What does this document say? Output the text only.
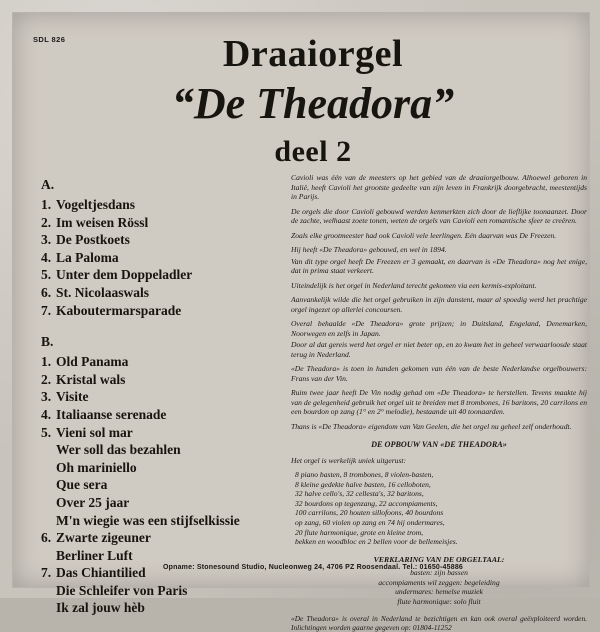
SDL 826	Draaiorgel
“De Theadora”
deel 2
A.
1. Vogeltjesdans
2. Im weisen Rössl
3. De Postkoets
4. La Paloma
5. Unter dem Doppeladler
6. St. Nicolaaswals
7. Kaboutermarsparade
B.
1. Old Panama
2. Kristal wals
3. Visite
4. Italiaanse serenade
5. Vieni sol mar
Wer soll das bezahlen
Oh mariniello
Que sera
Over 25 jaar
M'n wiegie was een stijfselkissie
6. Zwarte zigeuner
Berliner Luft
7. Das Chiantilied
Die Schleifer von Paris
Ik zal jouw hèb

Cavioli was één van de meesters op het gebied van de draaiorgelbouw. Alhoewel geboren in Italië, heeft Cavioli het grootste gedeelte van zijn leven in Frankrijk doorgebracht, meestentijds in Parijs.

De orgels die door Cavioli gebouwd werden kenmerkten zich door de lieflijke toonaanzet. Door de zachte, welhaast zoete tonen, weten de orgels van Cavioli een romantische sfeer te creëren.

Zoals elke grootmeester had ook Cavioli vele leerlingen. Eén daarvan was De Freezen.

Hij heeft «De Theadora» gebouwd, en wel in 1894.

Van dit type orgel heeft De Freezen er 3 gemaakt, en daarvan is «De Theadora» nog het enige, dat in prima staat verkeert.

Uiteindelijk is het orgel in Nederland terecht gekomen via een kermis-exploitant.

Aanvankelijk wilde die het orgel gebruiken in zijn danstent, maar al spoedig werd het prachtige orgel ingezet op allerlei concoursen.

Overal behaalde «De Theadora» grote prijzen; in Duitsland, Engeland, Denemarken, Noorwegen en zelfs in Japan.

Door al dat gereis werd het orgel er niet beter op, en zo kwam het in geheel verwaarloosde staat terug in Nederland.

«De Theadora» is toen in handen gekomen van één van de beste Nederlandse orgelbouwers: Frans van der Vin.

Ruim twee jaar heeft De Vin nodig gehad om «De Theadora» te herstellen. Tevens maakte hij van de gelegenheid gebruik het orgel uit te breiden met 8 trombones, 16 baritons, 20 carrilons en een bourdon op zang (1° en 2° melodie), bestaande uit 40 toonaarden.

Thans is «De Theadora» eigendom van Van Geelen, die het orgel nu geheel zelf onderhoudt.

DE OPBOUW VAN «DE THEADORA»
Het orgel is werkelijk uniek uitgerust:
8 piano basten, 8 trombones, 8 violen-basten,
8 kleine gedekte halve basten, 16 celloboten,
32 halve cello's, 32 cellesta's, 32 baritons,
32 bourdons op tegenzang, 22 accompiaments,
100 carrilons, 20 houten sillofoons, 40 bourdons
op zang, 60 violen op zang en 74 hij ondermares,
20 flute harmonique, grote en kleine trom,
bekken en woodbloc en 2 bellen voor de bellemeisjes.
VERKLARING VAN DE ORGELTAAL:
basten: zijn bassen
accompiaments wil zeggen: begeleiding
undermares: hemelse muziek
flute harmonique: solo fluit
«De Theadora» is overal in Nederland te bezichtigen en kan ook overal geëxploiteerd worden. Inlichtingen worden gaarne gegeven op: 01804-11252
Opname: Stonesound Studio, Nucleonweg 24, 4706 PZ Roosendaal. Tel.: 01650-45886
